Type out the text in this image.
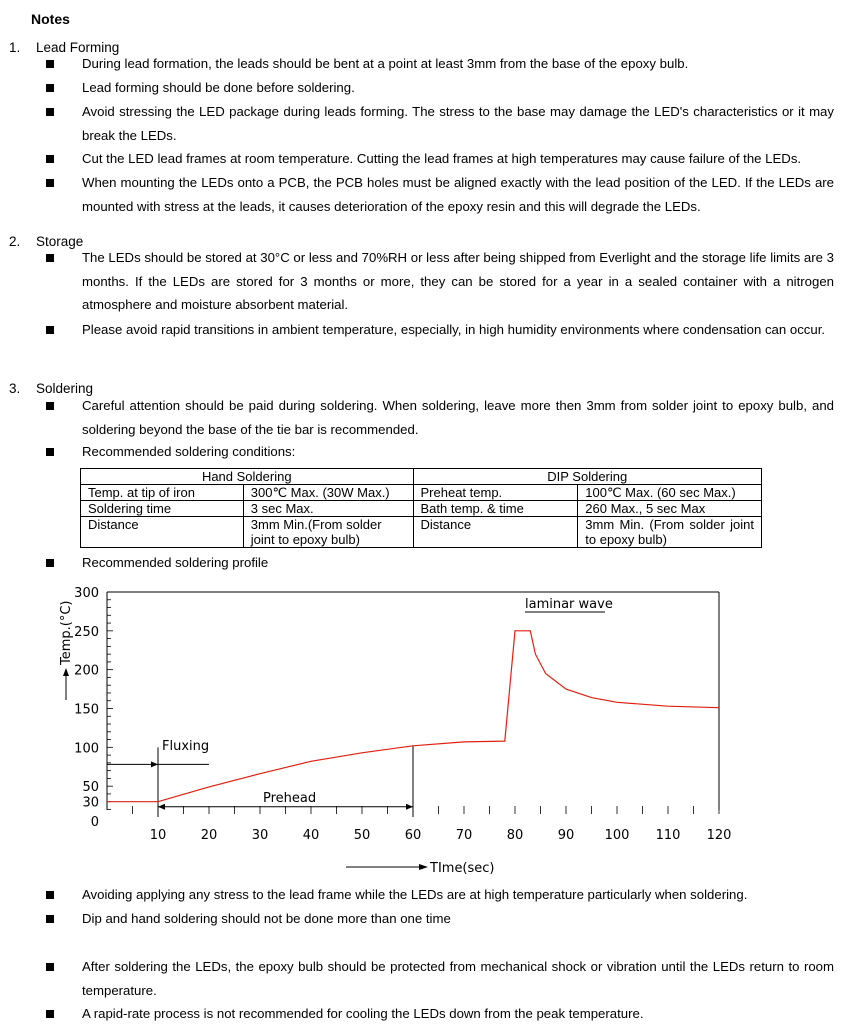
Notes
1.	Lead Forming
During lead formation, the leads should be bent at a point at least 3mm from the base of the epoxy bulb.
Lead forming should be done before soldering.
Avoid stressing the LED package during leads forming. The stress to the base may damage the LED's characteristics or it may break the LEDs.
Cut the LED lead frames at room temperature. Cutting the lead frames at high temperatures may cause failure of the LEDs.
When mounting the LEDs onto a PCB, the PCB holes must be aligned exactly with the lead position of the LED. If the LEDs are mounted with stress at the leads, it causes deterioration of the epoxy resin and this will degrade the LEDs.
2.	Storage
The LEDs should be stored at 30°C or less and 70%RH or less after being shipped from Everlight and the storage life limits are 3 months. If the LEDs are stored for 3 months or more, they can be stored for a year in a sealed container with a nitrogen atmosphere and moisture absorbent material.
Please avoid rapid transitions in ambient temperature, especially, in high humidity environments where condensation can occur.
3.	Soldering
Careful attention should be paid during soldering. When soldering, leave more then 3mm from solder joint to epoxy bulb, and soldering beyond the base of the tie bar is recommended.
Recommended soldering conditions:
Hand Soldering		DIP Soldering	
Temp. at tip of iron	300℃ Max. (30W Max.)	Preheat temp.	100℃ Max. (60 sec Max.)
Soldering time	3 sec Max.	Bath temp. & time	260 Max., 5 sec Max
Distance	3mm Min.(From solder joint to epoxy bulb)	Distance	3mm Min. (From solder joint to epoxy bulb)
Recommended soldering profile
0
30
50
100
150
200
250
300
10	20	30	40	50	60	70	80	90 100 110 120
laminar wave
Fluxing
Prehead
Temp.(°C)
TIme(sec)
Avoiding applying any stress to the lead frame while the LEDs are at high temperature particularly when soldering.
Dip and hand soldering should not be done more than one time
After soldering the LEDs, the epoxy bulb should be protected from mechanical shock or vibration until the LEDs return to room temperature.
A rapid-rate process is not recommended for cooling the LEDs down from the peak temperature.
